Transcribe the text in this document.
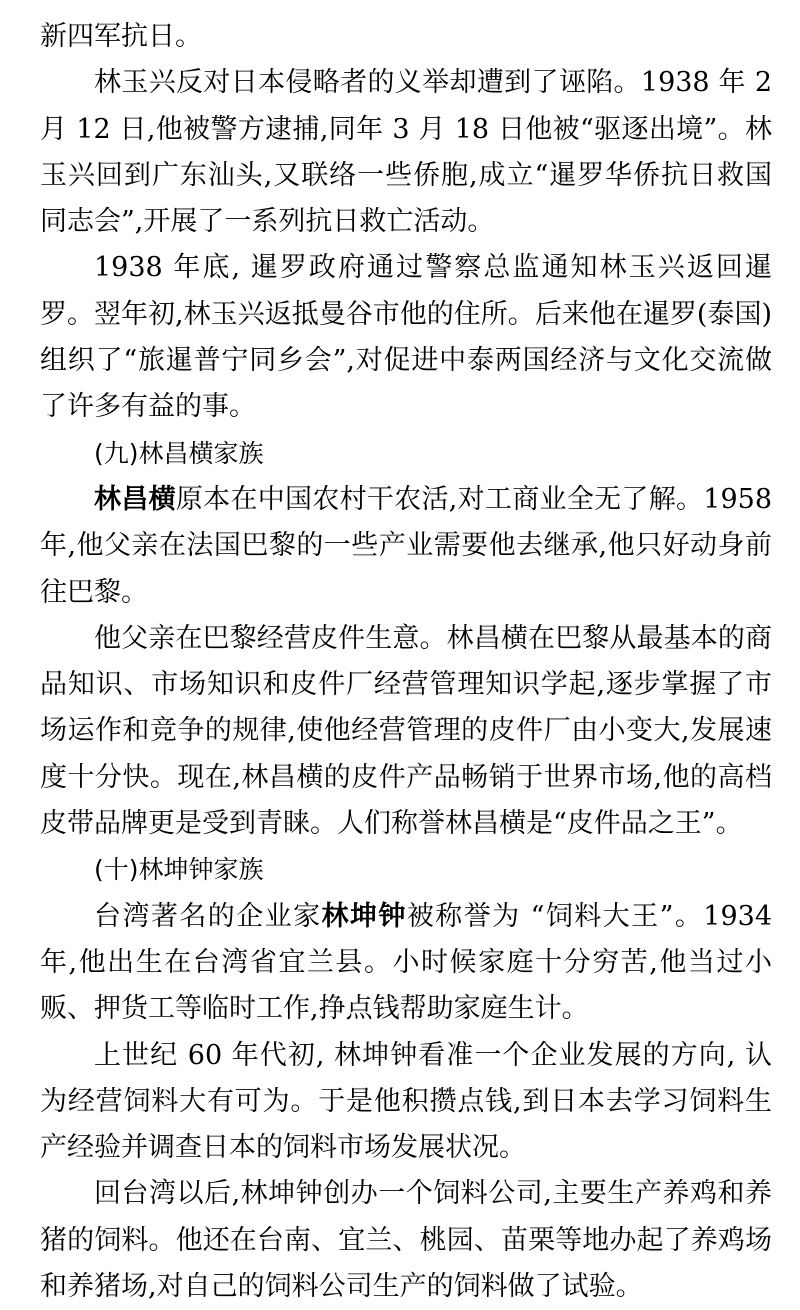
新四军抗日。

林玉兴反对日本侵略者的义举却遭到了诬陷。1938 年 2 月 12 日,他被警方逮捕,同年 3 月 18 日他被“驱逐出境”。林玉兴回到广东汕头,又联络一些侨胞,成立“暹罗华侨抗日救国同志会”,开展了一系列抗日救亡活动。

1938 年底, 暹罗政府通过警察总监通知林玉兴返回暹罗。翌年初,林玉兴返抵曼谷市他的住所。后来他在暹罗(泰国)组织了“旅暹普宁同乡会”,对促进中泰两国经济与文化交流做了许多有益的事。

(九)林昌横家族

林昌横原本在中国农村干农活,对工商业全无了解。1958 年,他父亲在法国巴黎的一些产业需要他去继承,他只好动身前往巴黎。

他父亲在巴黎经营皮件生意。林昌横在巴黎从最基本的商品知识、市场知识和皮件厂经营管理知识学起,逐步掌握了市场运作和竞争的规律,使他经营管理的皮件厂由小变大,发展速度十分快。现在,林昌横的皮件产品畅销于世界市场,他的高档皮带品牌更是受到青睐。人们称誉林昌横是“皮件品之王”。

(十)林坤钟家族

台湾著名的企业家林坤钟被称誉为 “饲料大王”。1934 年,他出生在台湾省宜兰县。小时候家庭十分穷苦,他当过小贩、押货工等临时工作,挣点钱帮助家庭生计。

上世纪 60 年代初, 林坤钟看准一个企业发展的方向, 认为经营饲料大有可为。于是他积攒点钱,到日本去学习饲料生产经验并调查日本的饲料市场发展状况。

回台湾以后,林坤钟创办一个饲料公司,主要生产养鸡和养猪的饲料。他还在台南、宜兰、桃园、苗栗等地办起了养鸡场和养猪场,对自己的饲料公司生产的饲料做了试验。
